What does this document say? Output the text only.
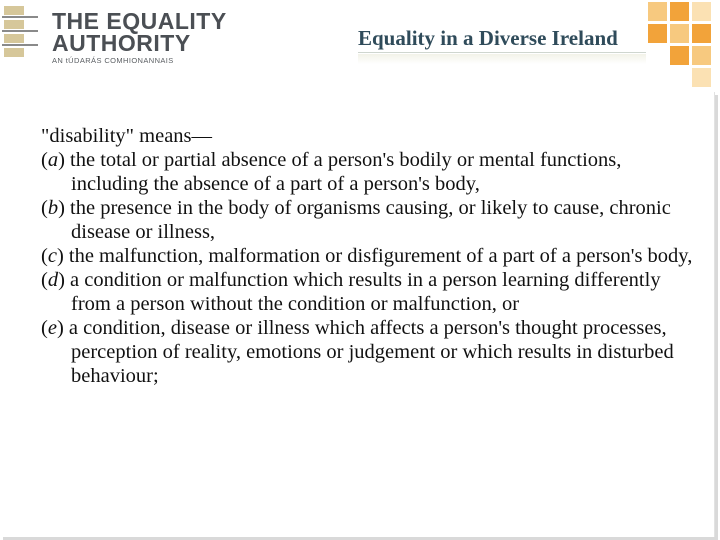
THE EQUALITY
AUTHORITY
AN tÚDARÁS COMHIONANNAIS
Equality in a Diverse Ireland

"disability" means—

(a) the total or partial absence of a person's bodily or mental functions, including the absence of a part of a person's body,

(b) the presence in the body of organisms causing, or likely to cause, chronic disease or illness,

(c) the malfunction, malformation or disfigurement of a part of a person's body,

(d) a condition or malfunction which results in a person learning differently from a person without the condition or malfunction, or

(e) a condition, disease or illness which affects a person's thought processes, perception of reality, emotions or judgement or which results in disturbed behaviour;
